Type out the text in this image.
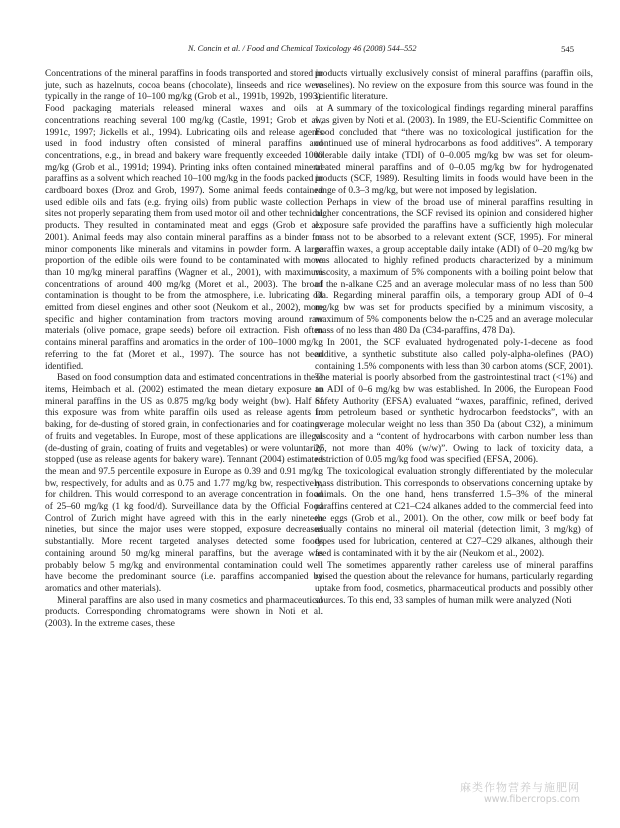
N. Concin et al. / Food and Chemical Toxicology 46 (2008) 544–552	545

Concentrations of the mineral paraffins in foods transported and stored in jute, such as hazelnuts, cocoa beans (chocolate), linseeds and rice were typically in the range of 10–100 mg/kg (Grob et al., 1991b, 1992b, 1993). Food packaging materials released mineral waxes and oils at concentrations reaching several 100 mg/kg (Castle, 1991; Grob et al., 1991c, 1997; Jickells et al., 1994). Lubricating oils and release agents used in food industry often consisted of mineral paraffins and concentrations, e.g., in bread and bakery ware frequently exceeded 1000 mg/kg (Grob et al., 1991d; 1994). Printing inks often contained mineral paraffins as a solvent which reached 10–100 mg/kg in the foods packed in cardboard boxes (Droz and Grob, 1997). Some animal feeds contained used edible oils and fats (e.g. frying oils) from public waste collection sites not properly separating them from used motor oil and other technical products. They resulted in contaminated meat and eggs (Grob et al., 2001). Animal feeds may also contain mineral paraffins as a binder for minor components like minerals and vitamins in powder form. A large proportion of the edible oils were found to be contaminated with more than 10 mg/kg mineral paraffins (Wagner et al., 2001), with maximum concentrations of around 400 mg/kg (Moret et al., 2003). The broad contamination is thought to be from the atmosphere, i.e. lubricating oil emitted from diesel engines and other soot (Neukom et al., 2002), more specific and higher contamination from tractors moving around raw materials (olive pomace, grape seeds) before oil extraction. Fish often contains mineral paraffins and aromatics in the order of 100–1000 mg/kg referring to the fat (Moret et al., 1997). The source has not been identified.

Based on food consumption data and estimated concentrations in these items, Heimbach et al. (2002) estimated the mean dietary exposure to mineral paraffins in the US as 0.875 mg/kg body weight (bw). Half of this exposure was from white paraffin oils used as release agents in baking, for de-dusting of stored grain, in confectionaries and for coatings of fruits and vegetables. In Europe, most of these applications are illegal (de-dusting of grain, coating of fruits and vegetables) or were voluntarily stopped (use as release agents for bakery ware). Tennant (2004) estimated the mean and 97.5 percentile exposure in Europe as 0.39 and 0.91 mg/kg bw, respectively, for adults and as 0.75 and 1.77 mg/kg bw, respectively, for children. This would correspond to an average concentration in food of 25–60 mg/kg (1 kg food/d). Surveillance data by the Official Food Control of Zurich might have agreed with this in the early nineteen nineties, but since the major uses were stopped, exposure decreased substantially. More recent targeted analyses detected some foods containing around 50 mg/kg mineral paraffins, but the average was probably below 5 mg/kg and environmental contamination could well have become the predominant source (i.e. paraffins accompanied by aromatics and other materials).

Mineral paraffins are also used in many cosmetics and pharmaceutical products. Corresponding chromatograms were shown in Noti et al. (2003). In the extreme cases, these

products virtually exclusively consist of mineral paraffins (paraffin oils, vaselines). No review on the exposure from this source was found in the scientific literature.

A summary of the toxicological findings regarding mineral paraffins was given by Noti et al. (2003). In 1989, the EU-Scientific Committee on Food concluded that “there was no toxicological justification for the continued use of mineral hydrocarbons as food additives”. A temporary tolerable daily intake (TDI) of 0–0.005 mg/kg bw was set for oleum-treated mineral paraffins and of 0–0.05 mg/kg bw for hydrogenated products (SCF, 1989). Resulting limits in foods would have been in the range of 0.3–3 mg/kg, but were not imposed by legislation.

Perhaps in view of the broad use of mineral paraffins resulting in higher concentrations, the SCF revised its opinion and considered higher exposure safe provided the paraffins have a sufficiently high molecular mass not to be absorbed to a relevant extent (SCF, 1995). For mineral paraffin waxes, a group acceptable daily intake (ADI) of 0–20 mg/kg bw was allocated to highly refined products characterized by a minimum viscosity, a maximum of 5% components with a boiling point below that of the n-alkane C25 and an average molecular mass of no less than 500 Da. Regarding mineral paraffin oils, a temporary group ADI of 0–4 mg/kg bw was set for products specified by a minimum viscosity, a maximum of 5% components below the n-C25 and an average molecular mass of no less than 480 Da (C34-paraffins, 478 Da).

In 2001, the SCF evaluated hydrogenated poly-1-decene as food additive, a synthetic substitute also called poly-alpha-olefines (PAO) containing 1.5% components with less than 30 carbon atoms (SCF, 2001). The material is poorly absorbed from the gastrointestinal tract (<1%) and an ADI of 0–6 mg/kg bw was established. In 2006, the European Food Safety Authority (EFSA) evaluated “waxes, paraffinic, refined, derived from petroleum based or synthetic hydrocarbon feedstocks”, with an average molecular weight no less than 350 Da (about C32), a minimum viscosity and a “content of hydrocarbons with carbon number less than 25, not more than 40% (w/w)”. Owing to lack of toxicity data, a restriction of 0.05 mg/kg food was specified (EFSA, 2006).

The toxicological evaluation strongly differentiated by the molecular mass distribution. This corresponds to observations concerning uptake by animals. On the one hand, hens transferred 1.5–3% of the mineral paraffins centered at C21–C24 alkanes added to the commercial feed into the eggs (Grob et al., 2001). On the other, cow milk or beef body fat usually contains no mineral oil material (detection limit, 3 mg/kg) of types used for lubrication, centered at C27–C29 alkanes, although their feed is contaminated with it by the air (Neukom et al., 2002).

The sometimes apparently rather careless use of mineral paraffins raised the question about the relevance for humans, particularly regarding uptake from food, cosmetics, pharmaceutical products and possibly other sources. To this end, 33 samples of human milk were analyzed (Noti

麻类作物营养与施肥网
www.fibercrops.com
